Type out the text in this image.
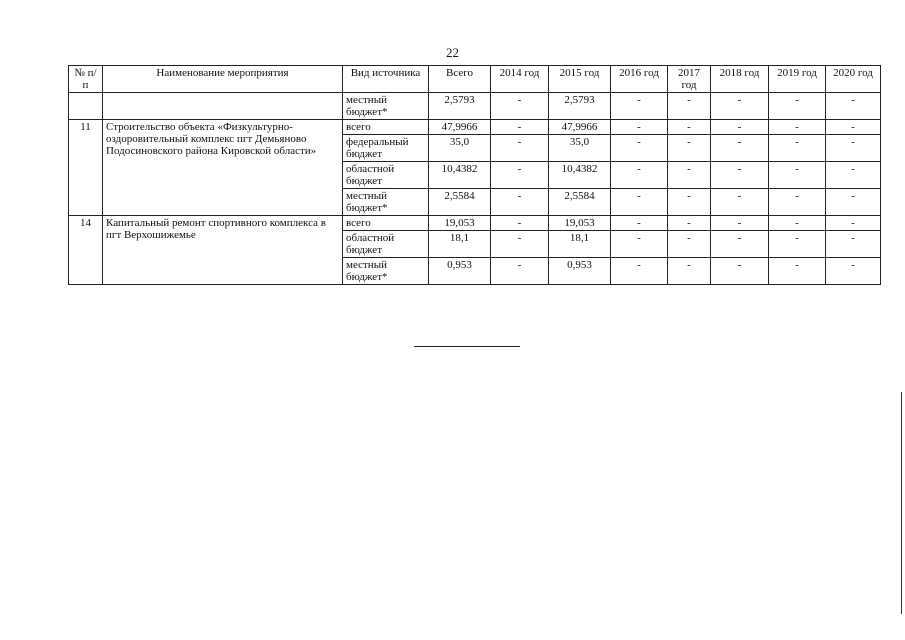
22
№ п/п	Наименование мероприятия	Вид источника	Всего	2014 год	2015 год	2016 год	2017 год	2018 год	2019 год	2020 год
		местный бюджет*	2,5793	-	2,5793	-	-	-	-	-
11	Строительство объекта «Физкультурно-оздоровительный комплекс пгт Демьяново Подосиновского района Кировской области»	всего	47,9966	-	47,9966	-	-	-	-	-
		федеральный бюджет	35,0	-	35,0	-	-	-	-	-
		областной бюджет	10,4382	-	10,4382	-	-	-	-	-
		местный бюджет*	2,5584	-	2,5584	-	-	-	-	-
14	Капитальный ремонт спортивного комплекса в пгт Верхошижемье	всего	19,053	-	19,053	-	-	-	-	-
		областной бюджет	18,1	-	18,1	-	-	-	-	-
		местный бюджет*	0,953	-	0,953	-	-	-	-	-
